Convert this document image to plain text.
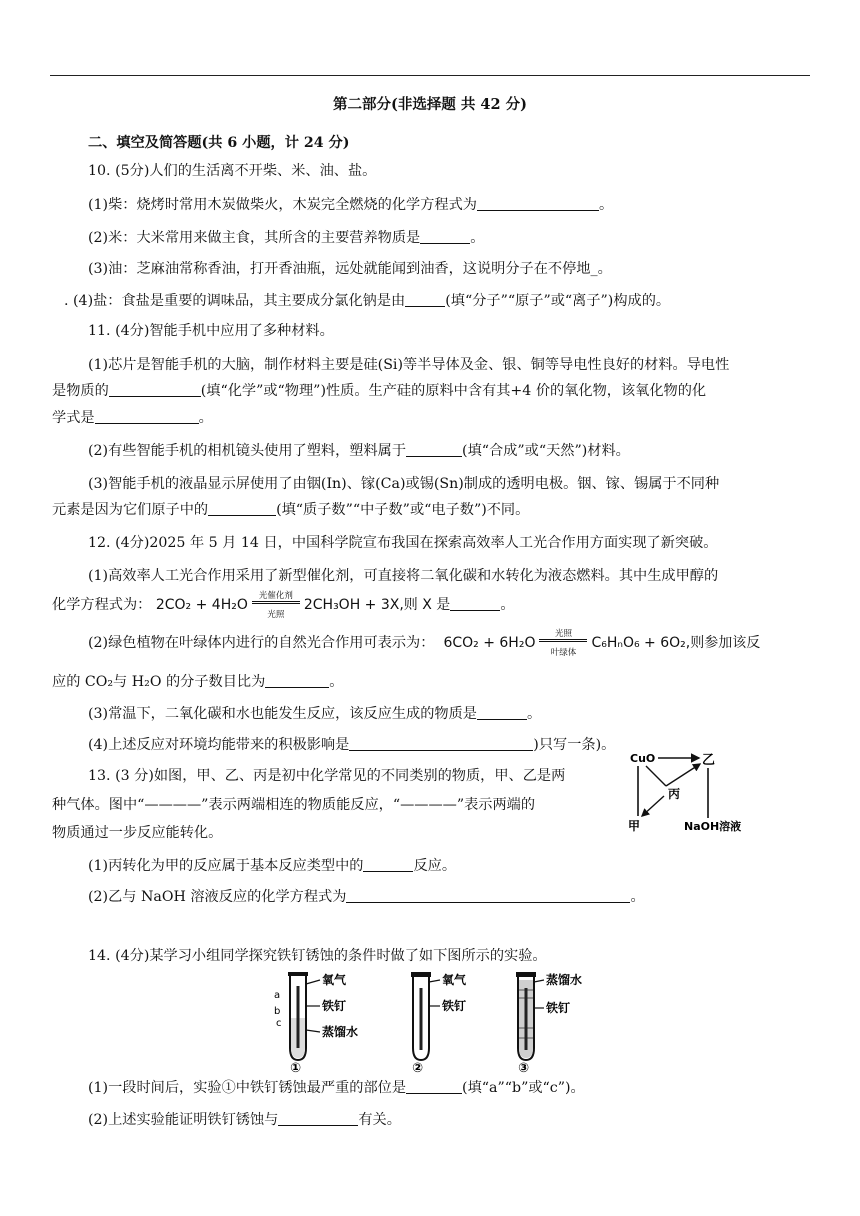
第二部分(非选择题 共 42 分)
二、填空及简答题(共 6 小题，计 24 分)
10. (5分)人们的生活离不开柴、米、油、盐。
(1)柴：烧烤时常用木炭做柴火，木炭完全燃烧的化学方程式为	。
(2)米：大米常用来做主食，其所含的主要营养物质是	。
(3)油：芝麻油常称香油，打开香油瓶，远处就能闻到油香，这说明分子在不停地_。
. (4)盐：食盐是重要的调味品，其主要成分氯化钠是由	(填“分子”“原子”或“离子”)构成的。
11. (4分)智能手机中应用了多种材料。
(1)芯片是智能手机的大脑，制作材料主要是硅(Si)等半导体及金、银、铜等导电性良好的材料。导电性
是物质的	(填“化学”或“物理”)性质。生产硅的原料中含有其+4 价的氧化物，该氧化物的化
学式是	。
(2)有些智能手机的相机镜头使用了塑料，塑料属于	(填“合成”或“天然”)材料。
(3)智能手机的液晶显示屏使用了由铟(In)、镓(Ca)或锡(Sn)制成的透明电极。铟、镓、锡属于不同种
元素是因为它们原子中的	(填“质子数”“中子数”或“电子数”)不同。
12. (4分)2025 年 5 月 14 日，中国科学院宣布我国在探索高效率人工光合作用方面实现了新突破。
(1)高效率人工光合作用采用了新型催化剂，可直接将二氧化碳和水转化为液态燃料。其中生成甲醇的
化学方程式为： 2CO₂ + 4H₂O
光催化剂
光照
2CH₃OH + 3X,则 X 是	。
(2)绿色植物在叶绿体内进行的自然光合作用可表示为： 6CO₂ + 6H₂O
光照
叶绿体
C₆HₙO₆ + 6O₂,则参加该反
应的 CO₂与 H₂O 的分子数目比为	。
(3)常温下，二氧化碳和水也能发生反应，该反应生成的物质是	。
(4)上述反应对环境均能带来的积极影响是	)只写一条)。
13. (3 分)如图，甲、乙、丙是初中化学常见的不同类别的物质，甲、乙是两
种气体。图中“————”表示两端相连的物质能反应，“————”表示两端的
物质通过一步反应能转化。
CuO	乙
丙
甲	NaOH溶液
(1)丙转化为甲的反应属于基本反应类型中的	反应。
(2)乙与 NaOH 溶液反应的化学方程式为	。
14. (4分)某学习小组同学探究铁钉锈蚀的条件时做了如下图所示的实验。
a
b
c
氧气
铁钉
蒸馏水
①
氧气
铁钉
②
蒸馏水
铁钉
③
(1)一段时间后，实验①中铁钉锈蚀最严重的部位是	(填“a”“b”或“c”)。
(2)上述实验能证明铁钉锈蚀与	有关。
